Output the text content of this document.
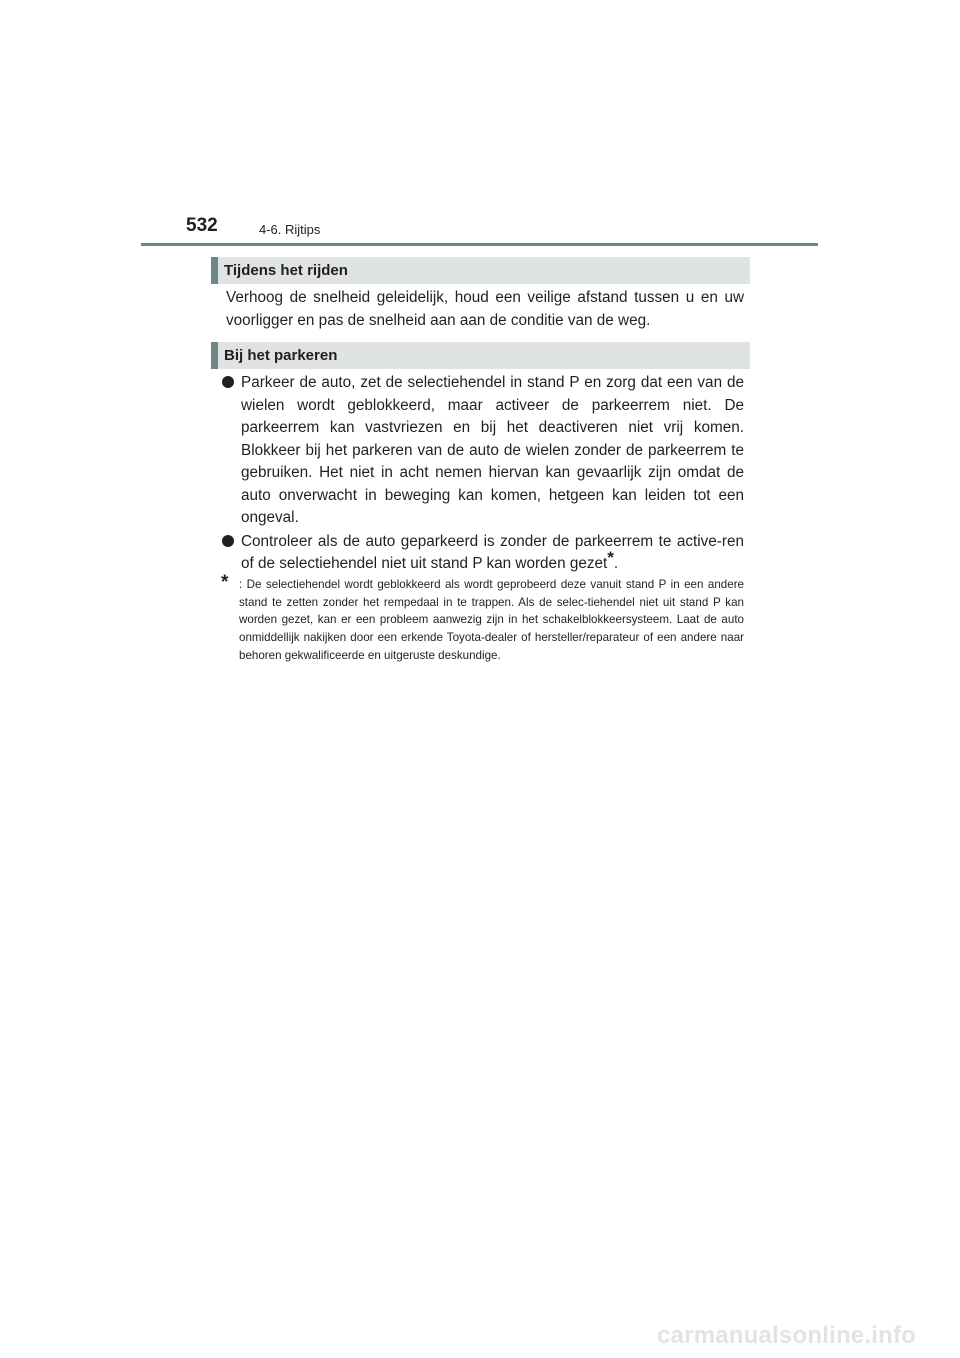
532	4-6. Rijtips
Tijdens het rijden
Verhoog de snelheid geleidelijk, houd een veilige afstand tussen u en uw voorligger en pas de snelheid aan aan de conditie van de weg.
Bij het parkeren
Parkeer de auto, zet de selectiehendel in stand P en zorg dat een van de wielen wordt geblokkeerd, maar activeer de parkeerrem niet. De parkeerrem kan vastvriezen en bij het deactiveren niet vrij komen. Blokkeer bij het parkeren van de auto de wielen zonder de parkeerrem te gebruiken. Het niet in acht nemen hiervan kan gevaarlijk zijn omdat de auto onverwacht in beweging kan komen, hetgeen kan leiden tot een ongeval.
Controleer als de auto geparkeerd is zonder de parkeerrem te active-ren of de selectiehendel niet uit stand P kan worden gezet*.
* : De selectiehendel wordt geblokkeerd als wordt geprobeerd deze vanuit stand P in een andere stand te zetten zonder het rempedaal in te trappen. Als de selec-tiehendel niet uit stand P kan worden gezet, kan er een probleem aanwezig zijn in het schakelblokkeersysteem. Laat de auto onmiddellijk nakijken door een erkende Toyota-dealer of hersteller/reparateur of een andere naar behoren gekwalificeerde en uitgeruste deskundige.
carmanualsonline.info
